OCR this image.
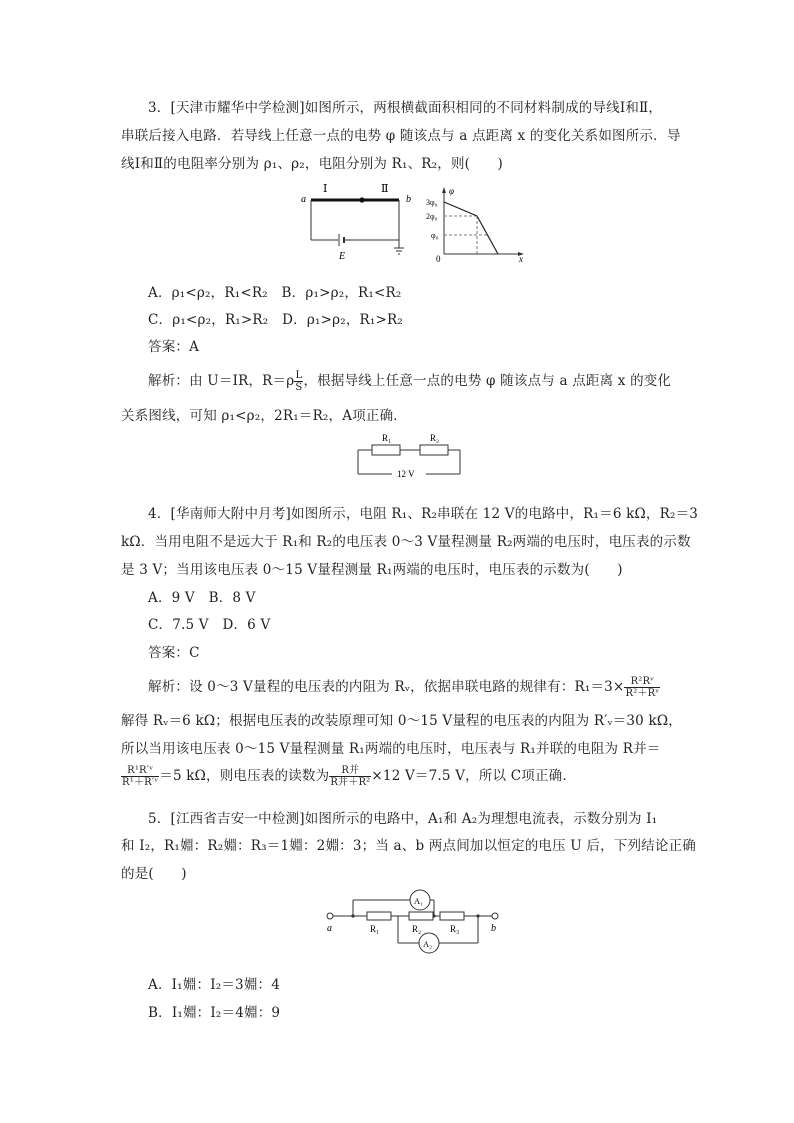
3．[天津市耀华中学检测]如图所示，两根横截面积相同的不同材料制成的导线Ⅰ和Ⅱ，
串联后接入电路．若导线上任意一点的电势 φ 随该点与 a 点距离 x 的变化关系如图所示．导
线Ⅰ和Ⅱ的电阻率分别为 ρ₁、ρ₂，电阻分别为 R₁、R₂，则(　　)
a	b
Ⅰ	Ⅱ
E
φ
3φ₀
2φ₀
φ₀
0	x
A．ρ₁<ρ₂，R₁<R₂　B．ρ₁>ρ₂，R₁<R₂
C．ρ₁<ρ₂，R₁>R₂　D．ρ₁>ρ₂，R₁>R₂
答案：A
解析：由 U＝IR，$R=\rho \frac{L}{S}$ ，根据导线上任意一点的电势 φ 随该点与 a 点距离 x 的变化
关系图线，可知 ρ₁<ρ₂，2R₁＝R₂，A项正确．
R₁	R₂
12 V
4．[华南师大附中月考]如图所示，电阻 R₁、R₂串联在 12 V的电路中，R₁＝6 kΩ，R₂＝3
kΩ．当用电阻不是远大于 R₁和 R₂的电压表 0～3 V量程测量 R₂两端的电压时，电压表的示数
是 3 V；当用该电压表 0～15 V量程测量 R₁两端的电压时，电压表的示数为(　　)
A．9 V　B．8 V
C．7.5 V　D．6 V
答案：C
解析：设 0～3 V量程的电压表的内阻为 Rᵥ，依据串联电路的规律有：$R_1=3\times \frac{\text{R²Rᵛ}}{\text{R²＋Rᵛ}}$
解得 Rᵥ＝6 kΩ；根据电压表的改装原理可知 0～15 V量程的电压表的内阻为 R′ᵥ＝30 kΩ，
所以当用该电压表 0～15 V量程测量 R₁两端的电压时，电压表与 R₁并联的电阻为 R并＝
$\frac{\text{R¹R′ᵛ}}{\text{R¹＋R′ᵛ}} =5$ kΩ，则电压表的读数为 $\frac{\text{R并}}{\text{R并＋R²}} \times 12$ V＝7.5 V，所以 C项正确．
5．[江西省吉安一中检测]如图所示的电路中，A₁和 A₂为理想电流表，示数分别为 I₁
和 I₂，R₁婣：R₂婣：R₃＝1婣：2婣：3；当 a、b 两点间加以恒定的电压 U 后，下列结论正确
的是(　　)
a	b
A₁
A₂
R₁	R₂	R₃
A．I₁婣：I₂＝3婣：4
B．I₁婣：I₂＝4婣：9
